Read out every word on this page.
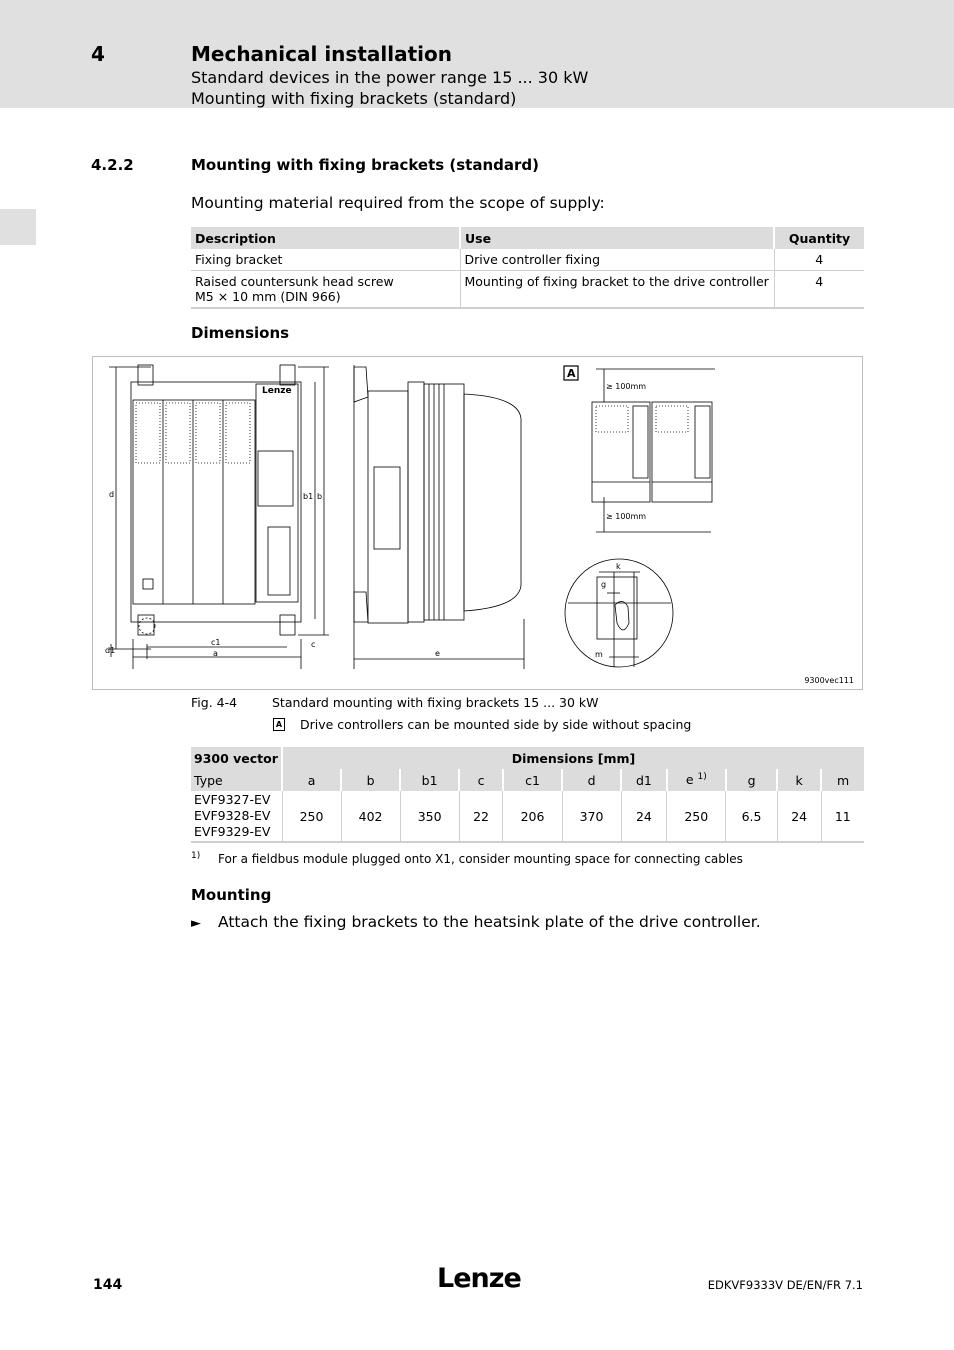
4	Mechanical installation
Standard devices in the power range 15 ... 30 kW
Mounting with fixing brackets (standard)
4.2.2	Mounting with fixing brackets (standard)
Mounting material required from the scope of supply:
Description	Use	Quantity
Fixing bracket	Drive controller fixing	4
Raised countersunk head screw
M5 × 10 mm (DIN 966)	Mounting of fixing bracket to the drive controller	4
Dimensions
d
d1
b1 b
c
c1
a	e
Lenze
A
≥ 100mm
≥ 100mm
k
g
m
9300vec111
Fig. 4-4	Standard mounting with fixing brackets 15 ... 30 kW
A Drive controllers can be mounted side by side without spacing
9300 vector	Dimensions [mm]										
Type	a	b	b1	c	c1	d	d1	e $^{1)}$	g	k	m
EVF9327-EV
EVF9328-EV
EVF9329-EV	250	402	350	22	206	370	24	250	6.5	24	11
1) For a fieldbus module plugged onto X1, consider mounting space for connecting cables
Mounting
► Attach the fixing brackets to the heatsink plate of the drive controller.
144	Lenze	EDKVF9333V DE/EN/FR 7.1
